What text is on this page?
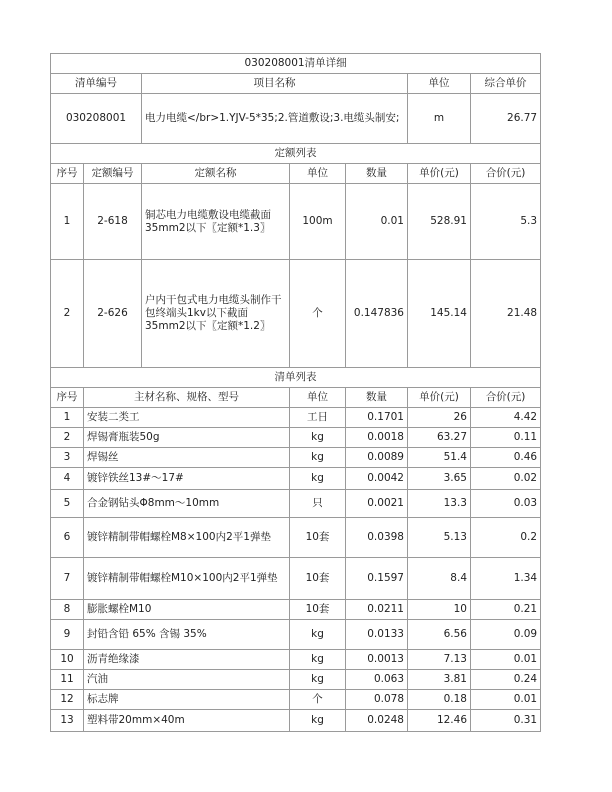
030208001清单详细						
清单编号		项目名称			单位	综合单价
030208001		电力电缆</br>1.YJV-5*35;2.管道敷设;3.电缆头制安;			m	26.77
定额列表						
序号	定额编号	定额名称	单位	数量	单价(元)	合价(元)
1	2-618	铜芯电力电缆敷设电缆截面35mm2以下〖定额*1.3〗	100m	0.01	528.91	5.3
2	2-626	户内干包式电力电缆头制作干包终端头1kv以下截面35mm2以下〖定额*1.2〗	个	0.147836	145.14	21.48
清单列表						
序号	主材名称、规格、型号		单位	数量	单价(元)	合价(元)
1	安装二类工		工日	0.1701	26	4.42
2	焊锡膏瓶装50g		kg	0.0018	63.27	0.11
3	焊锡丝		kg	0.0089	51.4	0.46
4	镀锌铁丝13#～17#		kg	0.0042	3.65	0.02
5	合金钢钻头Φ8mm～10mm		只	0.0021	13.3	0.03
6	镀锌精制带帽螺栓M8×100内2平1弹垫		10套	0.0398	5.13	0.2
7	镀锌精制带帽螺栓M10×100内2平1弹垫		10套	0.1597	8.4	1.34
8	膨胀螺栓M10		10套	0.0211	10	0.21
9	封铅含铅 65% 含锡 35%		kg	0.0133	6.56	0.09
10	沥青绝缘漆		kg	0.0013	7.13	0.01
11	汽油		kg	0.063	3.81	0.24
12	标志牌		个	0.078	0.18	0.01
13	塑料带20mm×40m		kg	0.0248	12.46	0.31
